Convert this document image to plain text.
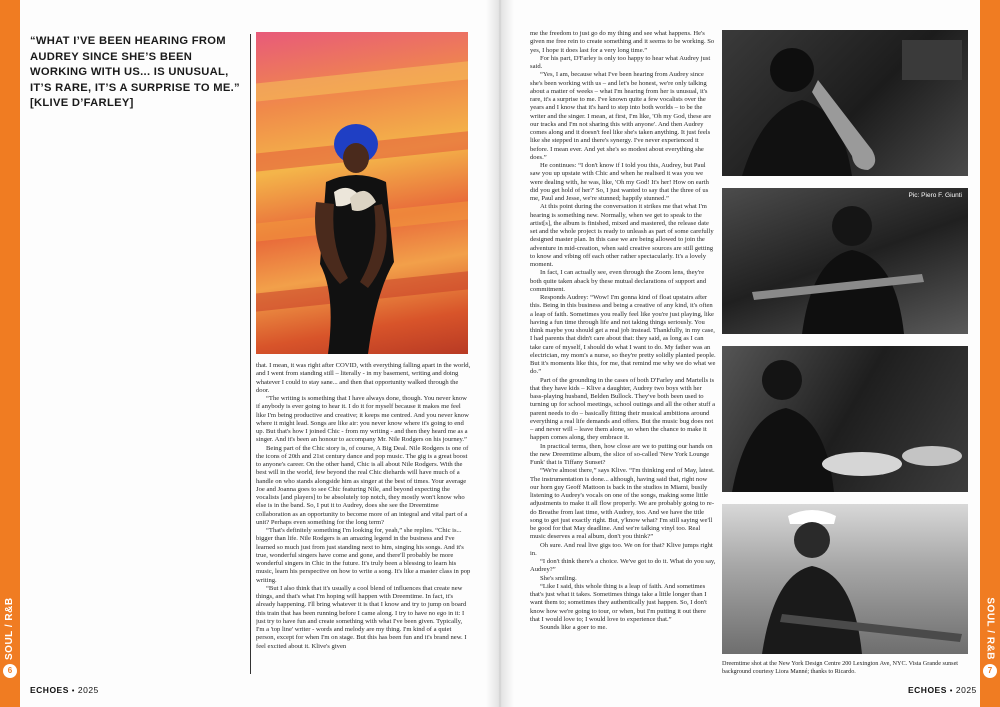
SOUL / R&B
6
“WHAT I’VE BEEN HEARING FROM AUDREY SINCE SHE’S BEEN WORKING WITH US... IS UNUSUAL, IT’S RARE, IT’S A SURPRISE TO ME.” [KLIVE D’FARLEY]

that. I mean, it was right after COVID, with everything falling apart in the world, and I went from standing still – literally - in my basement, writing and doing whatever I could to stay sane... and then that opportunity walked through the door.

“The writing is something that I have always done, though. You never know if anybody is ever going to hear it. I do it for myself because it makes me feel like I'm being productive and creative; it keeps me centred. And you never know where it might lead. Songs are like air: you never know where it's going to end up. But that's how I joined Chic - from my writing - and then they heard me as a singer. And it's been an honour to accompany Mr. Nile Rodgers on his journey.”

Being part of the Chic story is, of course, A Big Deal. Nile Rodgers is one of the icons of 20th and 21st century dance and pop music. The gig is a great boost to anyone's career. On the other hand, Chic is all about Nile Rodgers. With the best will in the world, few beyond the real Chic diehards will have much of a handle on who stands alongside him as singer at the best of times. Your average Joe and Joanna goes to see Chic featuring Nile, and beyond expecting the vocalists [and players] to be absolutely top notch, they mostly won't know who else is in the band. So, I put it to Audrey, does she see the Dreemtime collaboration as an opportunity to become more of an integral and vital part of a unit? Perhaps even something for the long term?

“That's definitely something I'm looking for, yeah,” she replies. “Chic is... bigger than life. Nile Rodgers is an amazing legend in the business and I've learned so much just from just standing next to him, singing his songs. And it's true, wonderful singers have come and gone, and there'll probably be more wonderful singers in Chic in the future. It's truly been a blessing to learn his music, learn his perspective on how to write a song. It's like a master class in pop writing.

“But I also think that it's usually a cool blend of influences that create new things, and that's what I'm hoping will happen with Dreemtime. In fact, it's already happening. I'll bring whatever it is that I know and try to jump on board this train that has been running before I came along. I try to have no ego in it: I just try to have fun and create something with what I've been given. Typically, I'm a 'top line' writer - words and melody are my thing. I'm kind of a quiet person, except for when I'm on stage. But this has been fun and it's brand new. I feel excited about it. Klive's given

ECHOES • 2025
SOUL / R&B
7

me the freedom to just go do my thing and see what happens. He's given me free rein to create something and it seems to be working. So yes, I hope it does last for a very long time.”

For his part, D'Farley is only too happy to hear what Audrey just said.

“Yes, I am, because what I've been hearing from Audrey since she's been working with us – and let's be honest, we're only talking about a matter of weeks – what I'm hearing from her is unusual, it's rare, it's a surprise to me. I've known quite a few vocalists over the years and I know that it's hard to step into both worlds – to be the writer and the singer. I mean, at first, I'm like, 'Oh my God, these are our tracks and I'm not sharing this with anyone'. And then Audrey comes along and it doesn't feel like she's taken anything. It just feels like she stepped in and there's synergy. I've never experienced it before. I mean ever. And yet she's so modest about everything she does.”

He continues: “I don't know if I told you this, Audrey, but Paul saw you up upstate with Chic and when he realised it was you we were dealing with, he was, like, 'Oh my God! It's her! How on earth did you get hold of her?' So, I just wanted to say that the three of us me, Paul and Jesse, we're stunned; happily stunned.”

At this point during the conversation it strikes me that what I'm hearing is something new. Normally, when we get to speak to the artist[s], the album is finished, mixed and mastered, the release date set and the whole project is ready to unleash as part of some carefully designed master plan. In this case we are being allowed to join the adventure in mid-creation, when said creative sources are still getting to know and vibing off each other rather spectacularly. It's a lovely moment.

In fact, I can actually see, even through the Zoom lens, they're both quite taken aback by these mutual declarations of support and commitment.

Responds Audrey: “Wow! I'm gonna kind of float upstairs after this. Being in this business and being a creative of any kind, it's often a leap of faith. Sometimes you really feel like you're just playing, like having a fun time through life and not taking things seriously. You think maybe you should get a real job instead. Thankfully, in my case, I had parents that didn't care about that: they said, as long as I can take care of myself, I should do what I want to do. My father was an electrician, my mom's a nurse, so they're pretty solidly planted people. But it's moments like this, for me, that remind me why we do what we do.”

Part of the grounding in the cases of both D'Farley and Martells is that they have kids – Klive a daughter, Audrey two boys with her bass-playing husband, Belden Bullock. They've both been used to turning up for school meetings, school outings and all the other stuff a parent needs to do – basically fitting their musical ambitions around everything a real life demands and offers. But the music bug does not – and never will – leave them alone, so when the chance to make it happen comes along, they embrace it.

In practical terms, then, how close are we to putting our hands on the new Dreemtime album, the slice of so-called 'New York Lounge Funk' that is Tiffany Sunset?

“We're almost there,” says Klive. “I'm thinking end of May, latest. The instrumentation is done... although, having said that, right now our horn guy Geoff Mattoon is back in the studios in Miami, busily listening to Audrey's vocals on one of the songs, making some little adjustments to make it all flow properly. We are probably going to re-do Breathe from last time, with Audrey, too. And we have the title song to get just exactly right. But, y'know what? I'm still saying we'll be good for that May deadline. And we're talking vinyl too. Real music deserves a real album, don't you think?”

Oh sure. And real live gigs too. We on for that? Klive jumps right in.

“I don't think there's a choice. We've got to do it. What do you say, Audrey?”

She's smiling.

“Like I said, this whole thing is a leap of faith. And sometimes that's just what it takes. Sometimes things take a little longer than I want them to; sometimes they authentically just happen. So, I don't know how we're going to tour, or when, but I'm putting it out there that I would love to; I would love to experience that.”

Sounds like a goer to me.

Pic: Piero F. Giunti
Dreemtime shot at the New York Design Centre 200 Lexington Ave, NYC. Vista Grande sunset background courtesy Liora Manné; thanks to Ricardo.
ECHOES • 2025
